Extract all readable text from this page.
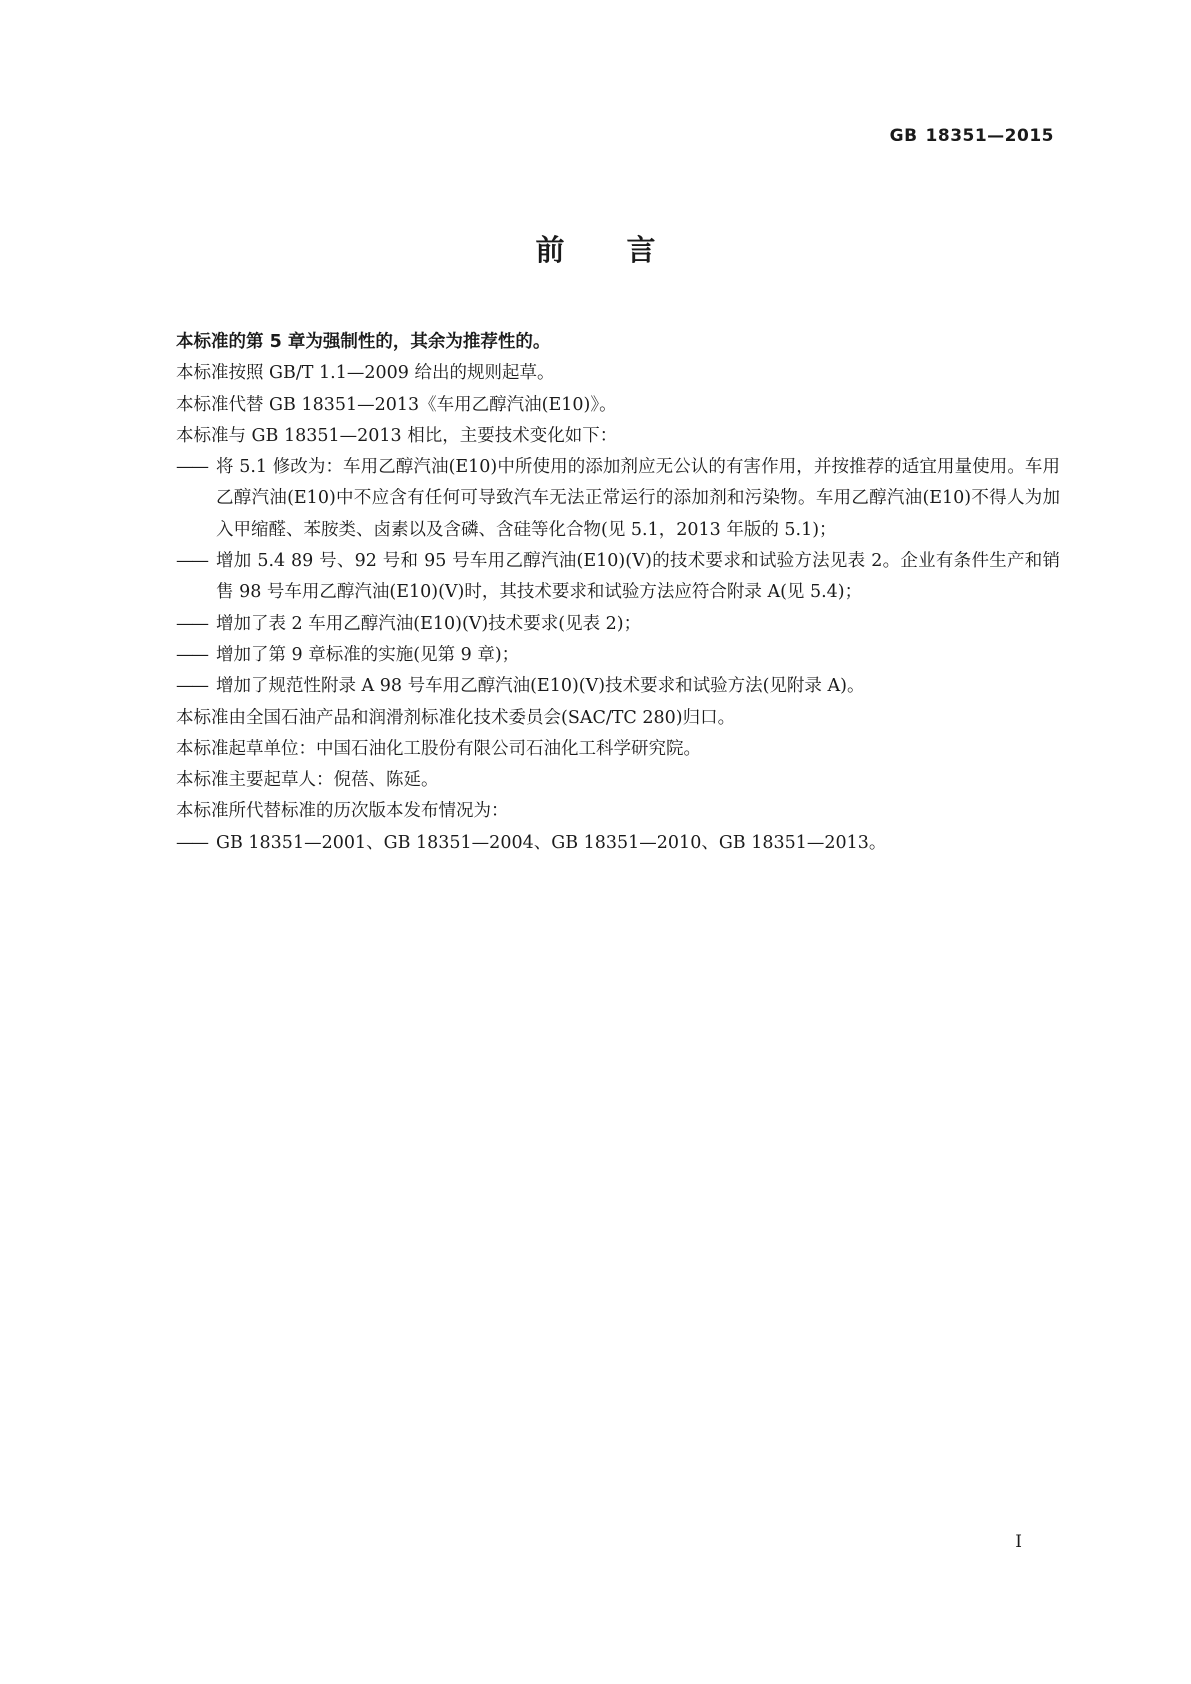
GB 18351—2015
前 言
本标准的第 5 章为强制性的，其余为推荐性的。
本标准按照 GB/T 1.1—2009 给出的规则起草。
本标准代替 GB 18351—2013《车用乙醇汽油(E10)》。
本标准与 GB 18351—2013 相比，主要技术变化如下：
—— 将 5.1 修改为：车用乙醇汽油(E10)中所使用的添加剂应无公认的有害作用，并按推荐的适宜用量使用。车用乙醇汽油(E10)中不应含有任何可导致汽车无法正常运行的添加剂和污染物。车用乙醇汽油(E10)不得人为加入甲缩醛、苯胺类、卤素以及含磷、含硅等化合物(见 5.1，2013 年版的 5.1)；
—— 增加 5.4 89 号、92 号和 95 号车用乙醇汽油(E10)(Ⅴ)的技术要求和试验方法见表 2。企业有条件生产和销售 98 号车用乙醇汽油(E10)(Ⅴ)时，其技术要求和试验方法应符合附录 A(见 5.4)；
—— 增加了表 2 车用乙醇汽油(E10)(Ⅴ)技术要求(见表 2)；
—— 增加了第 9 章标准的实施(见第 9 章)；
—— 增加了规范性附录 A 98 号车用乙醇汽油(E10)(Ⅴ)技术要求和试验方法(见附录 A)。
本标准由全国石油产品和润滑剂标准化技术委员会(SAC/TC 280)归口。
本标准起草单位：中国石油化工股份有限公司石油化工科学研究院。
本标准主要起草人：倪蓓、陈延。
本标准所代替标准的历次版本发布情况为：
—— GB 18351—2001、GB 18351—2004、GB 18351—2010、GB 18351—2013。
I
